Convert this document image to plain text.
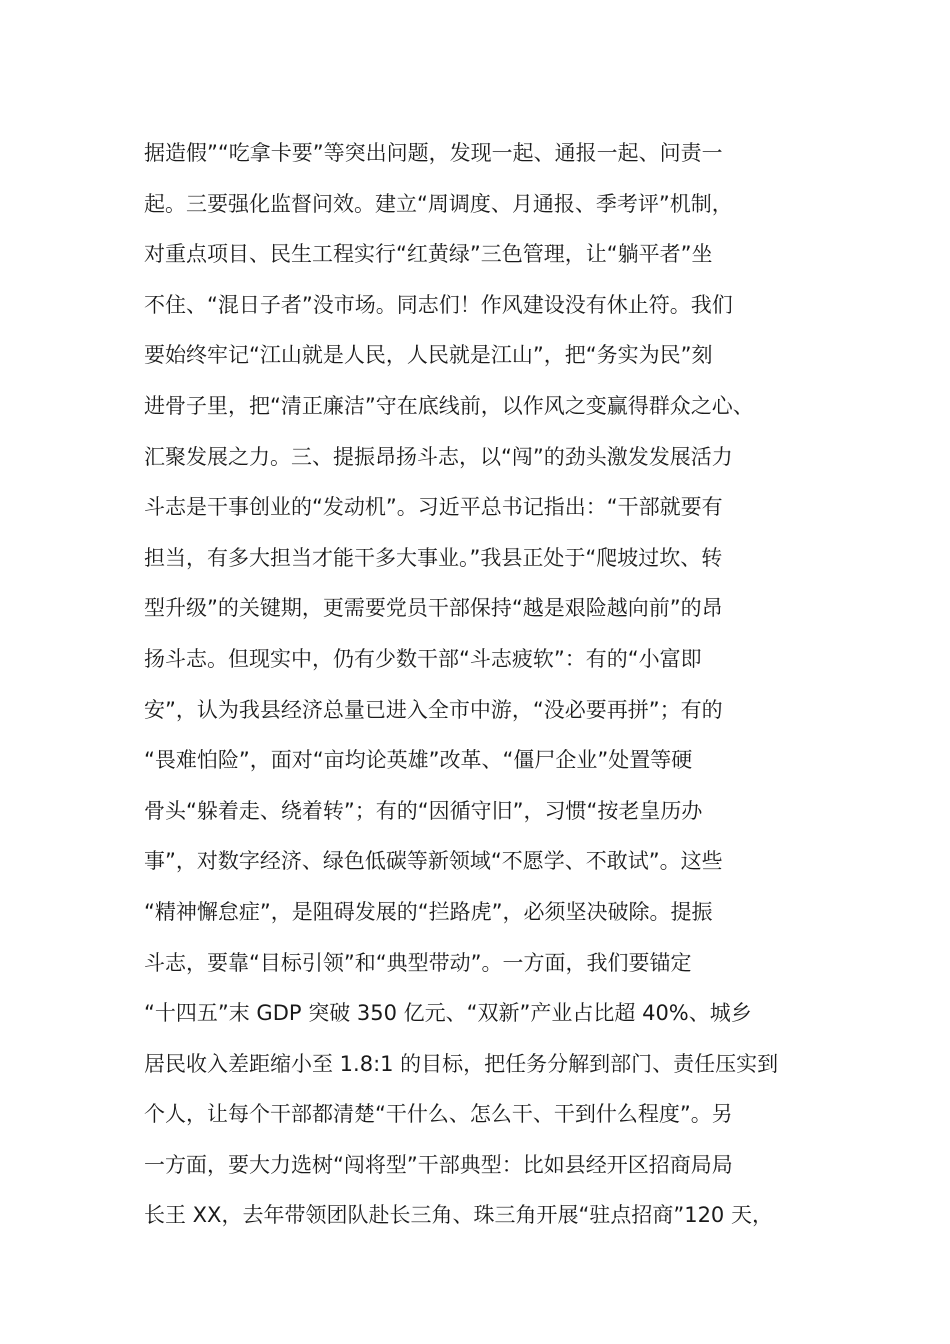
据造假”“吃拿卡要”等突出问题，发现一起、通报一起、问责一
起。三要强化监督问效。建立“周调度、月通报、季考评”机制，
对重点项目、民生工程实行“红黄绿”三色管理，让“躺平者”坐
不住、“混日子者”没市场。同志们！作风建设没有休止符。我们
要始终牢记“江山就是人民，人民就是江山”，把“务实为民”刻
进骨子里，把“清正廉洁”守在底线前，以作风之变赢得群众之心、
汇聚发展之力。三、提振昂扬斗志，以“闯”的劲头激发发展活力
斗志是干事创业的“发动机”。习近平总书记指出：“干部就要有
担当，有多大担当才能干多大事业。”我县正处于“爬坡过坎、转
型升级”的关键期，更需要党员干部保持“越是艰险越向前”的昂
扬斗志。但现实中，仍有少数干部“斗志疲软”：有的“小富即
安”，认为我县经济总量已进入全市中游，“没必要再拼”；有的
“畏难怕险”，面对“亩均论英雄”改革、“僵尸企业”处置等硬
骨头“躲着走、绕着转”；有的“因循守旧”，习惯“按老皇历办
事”，对数字经济、绿色低碳等新领域“不愿学、不敢试”。这些
“精神懈怠症”，是阻碍发展的“拦路虎”，必须坚决破除。提振
斗志，要靠“目标引领”和“典型带动”。一方面，我们要锚定
“十四五”末 GDP 突破 350 亿元、“双新”产业占比超 40%、城乡
居民收入差距缩小至 1.8:1 的目标，把任务分解到部门、责任压实到
个人，让每个干部都清楚“干什么、怎么干、干到什么程度”。另
一方面，要大力选树“闯将型”干部典型：比如县经开区招商局局
长王 XX，去年带领团队赴长三角、珠三角开展“驻点招商”120 天，
